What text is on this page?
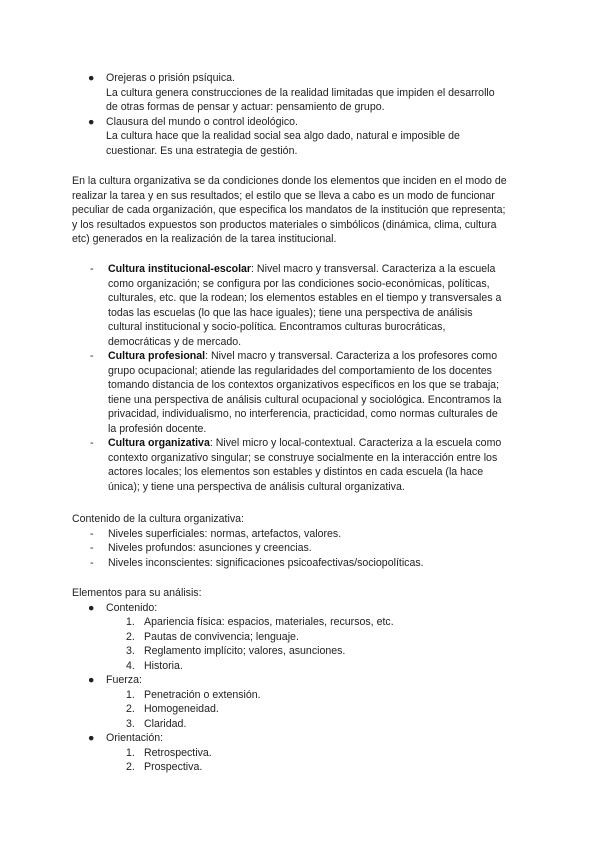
● Orejeras o prisión psíquica.
La cultura genera construcciones de la realidad limitadas que impiden el desarrollo
de otras formas de pensar y actuar: pensamiento de grupo.
● Clausura del mundo o control ideológico.
La cultura hace que la realidad social sea algo dado, natural e imposible de
cuestionar. Es una estrategia de gestión.
En la cultura organizativa se da condiciones donde los elementos que inciden en el modo de
realizar la tarea y en sus resultados; el estilo que se lleva a cabo es un modo de funcionar
peculiar de cada organización, que especifica los mandatos de la institución que representa;
y los resultados expuestos son productos materiales o simbólicos (dinámica, clima, cultura
etc) generados en la realización de la tarea institucional.
- Cultura institucional-escolar: Nivel macro y transversal. Caracteriza a la escuela
como organización; se configura por las condiciones socio-económicas, políticas,
culturales, etc. que la rodean; los elementos estables en el tiempo y transversales a
todas las escuelas (lo que las hace iguales); tiene una perspectiva de análisis
cultural institucional y socio-política. Encontramos culturas burocráticas,
democráticas y de mercado.
- Cultura profesional: Nivel macro y transversal. Caracteriza a los profesores como
grupo ocupacional; atiende las regularidades del comportamiento de los docentes
tomando distancia de los contextos organizativos específicos en los que se trabaja;
tiene una perspectiva de análisis cultural ocupacional y sociológica. Encontramos la
privacidad, individualismo, no interferencia, practicidad, como normas culturales de
la profesión docente.
- Cultura organizativa: Nivel micro y local-contextual. Caracteriza a la escuela como
contexto organizativo singular; se construye socialmente en la interacción entre los
actores locales; los elementos son estables y distintos en cada escuela (la hace
única); y tiene una perspectiva de análisis cultural organizativa.
Contenido de la cultura organizativa:
-	Niveles superficiales: normas, artefactos, valores.
-	Niveles profundos: asunciones y creencias.
-	Niveles inconscientes: significaciones psicoafectivas/sociopolíticas.
Elementos para su análisis:
●	Contenido:
1. Apariencia física: espacios, materiales, recursos, etc.
2. Pautas de convivencia; lenguaje.
3. Reglamento implícito; valores, asunciones.
4. Historia.
●	Fuerza:
1. Penetración o extensión.
2. Homogeneidad.
3. Claridad.
●	Orientación:
1. Retrospectiva.
2. Prospectiva.
